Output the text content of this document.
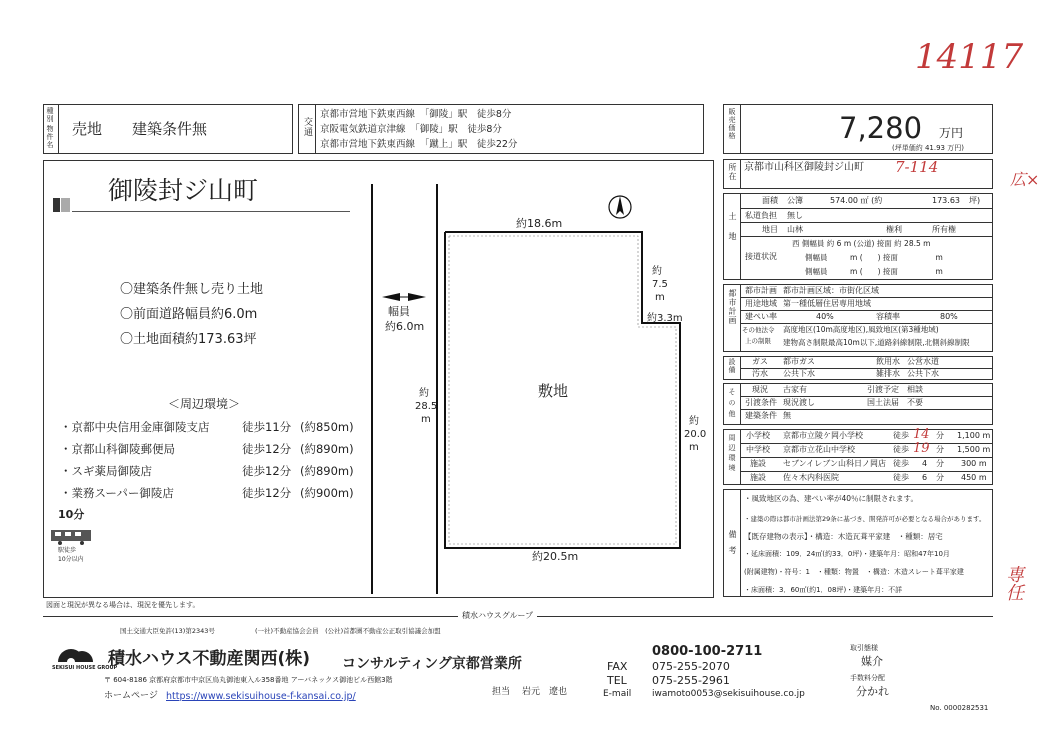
14117
広×
専任
種別
物件名 売地 建築条件無	交通
京都市営地下鉄東西線　 「御陵」駅　 徒歩8分
京阪電気鉄道京津線　 「御陵」駅　 徒歩8分
京都市営地下鉄東西線　 「蹴上」駅　 徒歩22分
販売価格	7,280 万円
(坪単価約 41.93 万円)
御陵封ジ山町
〇建築条件無し売り土地
〇前面道路幅員約6.0m
〇土地面積約173.63坪
＜周辺環境＞
・京都中央信用金庫御陵支店	徒歩11分 (約850m)
・京都山科御陵郵便局	徒歩12分 (約890m)
・スギ薬局御陵店	徒歩12分 (約890m)
・業務スーパー御陵店	徒歩12分 (約900m)
10分
駅徒歩
10分以内
図面と現況が異なる場合は、現況を優先します。
幅員
約6.0m
約18.6m
約
7.5
m
約3.3m
敷地
約
28.5
m	約
20.0
m
約20.5m
所在 京都市山科区御陵封ジ山町 7-114
土地
面積 公簿	574.00 ㎡ (約	173.63 坪)
私道負担 無し
地目 山林	権利	所有権
接道状況
西 側幅員 約 6 m (公道) 接面 約 28.5 m
側幅員　　　	m (　　 ) 接面　　　　　	m
側幅員　　　	m (　　 ) 接面　　　　　	m
都市計画 都市計画 都市計画区域：市街化区域
用途地域 第一種低層住居専用地域
建ぺい率	40%	容積率	80%
その他法令
上の制限
高度地区(10m高度地区),風致地区(第3種地域)
建物高さ制限最高10m以下,道路斜線制限,北側斜線制限
設備 ガス 都市ガス	飲用水 公営水道
汚水 公共下水	雑排水 公共下水
その他 現況 古家有	引渡予定 相談
引渡条件 現況渡し	国土法届 不要
建築条件 無
周辺環境 小学校 京都市立陵ケ岡小学校	徒歩 14 分 1,100 m
中学校 京都市立花山中学校	徒歩 19 分 1,500 m
施設 セブンイレブン山科日ノ岡店 徒歩 4 分 300 m
施設 佐々木内科医院	徒歩 6 分 450 m
備考
・風致地区の為、建ぺい率が40％に制限されます。
・建築の際は都市計画法第29条に基づき、開発許可が必要となる場合があります。
【既存建物の表示】・構造：木造瓦葺平家建　・種類：居宅
・延床面積：109．24㎡(約33．0坪)・建築年月：昭和47年10月
(附属建物)・符号：1　・種類：物置　・構造：木造スレート葺平家建
・床面積：3．60㎡(約1．08坪)・建築年月：不詳
積水ハウスグループ
国土交通大臣免許(13)第2343号	(一社)不動産協会会員　(公社)首都圏不動産公正取引協議会加盟
SEKISUI HOUSE GROUP
積水ハウス不動産関西(株) コンサルティング京都営業所
〒 604-8186 京都府京都市中京区烏丸御池東入ル358番地 アーバネックス御池ビル西館3階
ホームページ https://www.sekisuihouse-f-kansai.co.jp/	担当 岩元　遼也
0800-100-2711
FAX 075-255-2070
TEL 075-255-2961
E-mail iwamoto0053@sekisuihouse.co.jp
取引態様
媒介
手数料分配
分かれ
No. 0000282531
